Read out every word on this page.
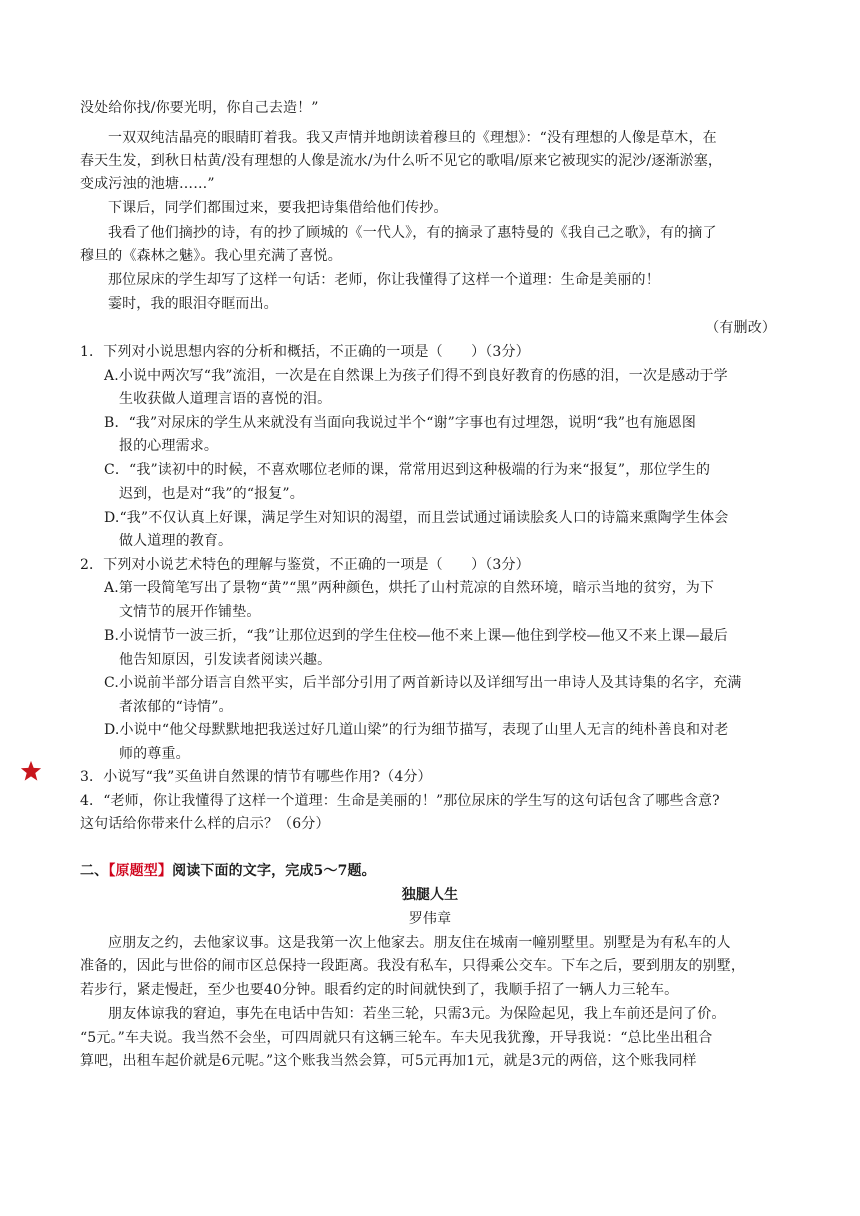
没处给你找/你要光明，你自己去造！”
一双双纯洁晶亮的眼睛盯着我。我又声情并地朗读着穆旦的《理想》：“没有理想的人像是草木，在
春天生发，到秋日枯黄/没有理想的人像是流水/为什么听不见它的歌唱/原来它被现实的泥沙/逐渐淤塞，
变成污浊的池塘……”
下课后，同学们都围过来，要我把诗集借给他们传抄。
我看了他们摘抄的诗，有的抄了顾城的《一代人》，有的摘录了惠特曼的《我自己之歌》，有的摘了
穆旦的《森林之魅》。我心里充满了喜悦。
那位尿床的学生却写了这样一句话：老师，你让我懂得了这样一个道理：生命是美丽的！
霎时，我的眼泪夺眶而出。
（有删改）
1．下列对小说思想内容的分析和概括，不正确的一项是（　　）（3分）
A.小说中两次写“我”流泪，一次是在自然课上为孩子们得不到良好教育的伤感的泪，一次是感动于学
生收获做人道理言语的喜悦的泪。
B．“我”对尿床的学生从来就没有当面向我说过半个“谢”字事也有过埋怨，说明“我”也有施恩图
报的心理需求。
C．“我”读初中的时候，不喜欢哪位老师的课，常常用迟到这种极端的行为来“报复”，那位学生的
迟到，也是对“我”的“报复”。
D.“我”不仅认真上好课，满足学生对知识的渴望，而且尝试通过诵读脍炙人口的诗篇来熏陶学生体会
做人道理的教育。
2．下列对小说艺术特色的理解与鉴赏，不正确的一项是（　　）（3分）
A.第一段简笔写出了景物“黄”“黑”两种颜色，烘托了山村荒凉的自然环境，暗示当地的贫穷，为下
文情节的展开作铺垫。
B.小说情节一波三折，“我”让那位迟到的学生住校—他不来上课—他住到学校—他又不来上课—最后
他告知原因，引发读者阅读兴趣。
C.小说前半部分语言自然平实，后半部分引用了两首新诗以及详细写出一串诗人及其诗集的名字，充满
者浓郁的“诗情”。
D.小说中“他父母默默地把我送过好几道山梁”的行为细节描写，表现了山里人无言的纯朴善良和对老
师的尊重。
3．小说写“我”买鱼讲自然课的情节有哪些作用?（4分）
4．“老师，你让我懂得了这样一个道理：生命是美丽的！”那位尿床的学生写的这句话包含了哪些含意?
这句话给你带来什么样的启示？（6分）
二、【原题型】阅读下面的文字，完成5～7题。
独腿人生
罗伟章
应朋友之约，去他家议事。这是我第一次上他家去。朋友住在城南一幢别墅里。别墅是为有私车的人
准备的，因此与世俗的闹市区总保持一段距离。我没有私车，只得乘公交车。下车之后，要到朋友的别墅，
若步行，紧走慢赶，至少也要40分钟。眼看约定的时间就快到了，我顺手招了一辆人力三轮车。
朋友体谅我的窘迫，事先在电话中告知：若坐三轮，只需3元。为保险起见，我上车前还是问了价。
“5元。”车夫说。我当然不会坐，可四周就只有这辆三轮车。车夫见我犹豫，开导我说：“总比坐出租合
算吧，出租车起价就是6元呢。”这个账我当然会算，可5元再加1元，就是3元的两倍，这个账我同样
